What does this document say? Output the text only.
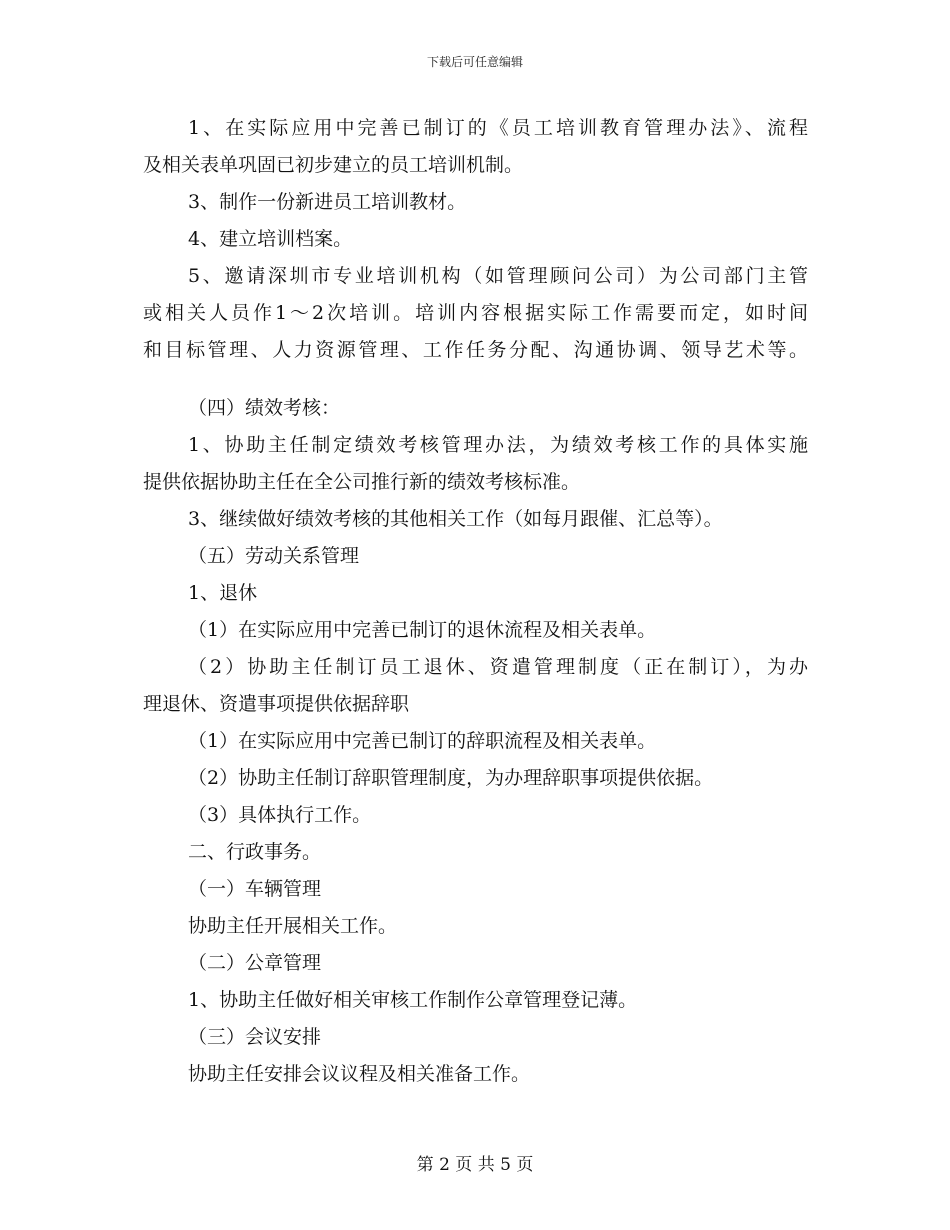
下载后可任意编辑
1、在实际应用中完善已制订的《员工培训教育管理办法》、流程
及相关表单巩固已初步建立的员工培训机制。
3、制作一份新进员工培训教材。
4、建立培训档案。
5、邀请深圳市专业培训机构（如管理顾问公司）为公司部门主管
或相关人员作1～2次培训。培训内容根据实际工作需要而定，如时间
和目标管理、人力资源管理、工作任务分配、沟通协调、领导艺术等。
（四）绩效考核：
1、协助主任制定绩效考核管理办法，为绩效考核工作的具体实施
提供依据协助主任在全公司推行新的绩效考核标准。
3、继续做好绩效考核的其他相关工作（如每月跟催、汇总等）。
（五）劳动关系管理
1、退休
（1）在实际应用中完善已制订的退休流程及相关表单。
（2）协助主任制订员工退休、资遣管理制度（正在制订），为办
理退休、资遣事项提供依据辞职
（1）在实际应用中完善已制订的辞职流程及相关表单。
（2）协助主任制订辞职管理制度，为办理辞职事项提供依据。
（3）具体执行工作。
二、行政事务。
（一）车辆管理
协助主任开展相关工作。
（二）公章管理
1、协助主任做好相关审核工作制作公章管理登记薄。
（三）会议安排
协助主任安排会议议程及相关准备工作。
第 2 页 共 5 页
